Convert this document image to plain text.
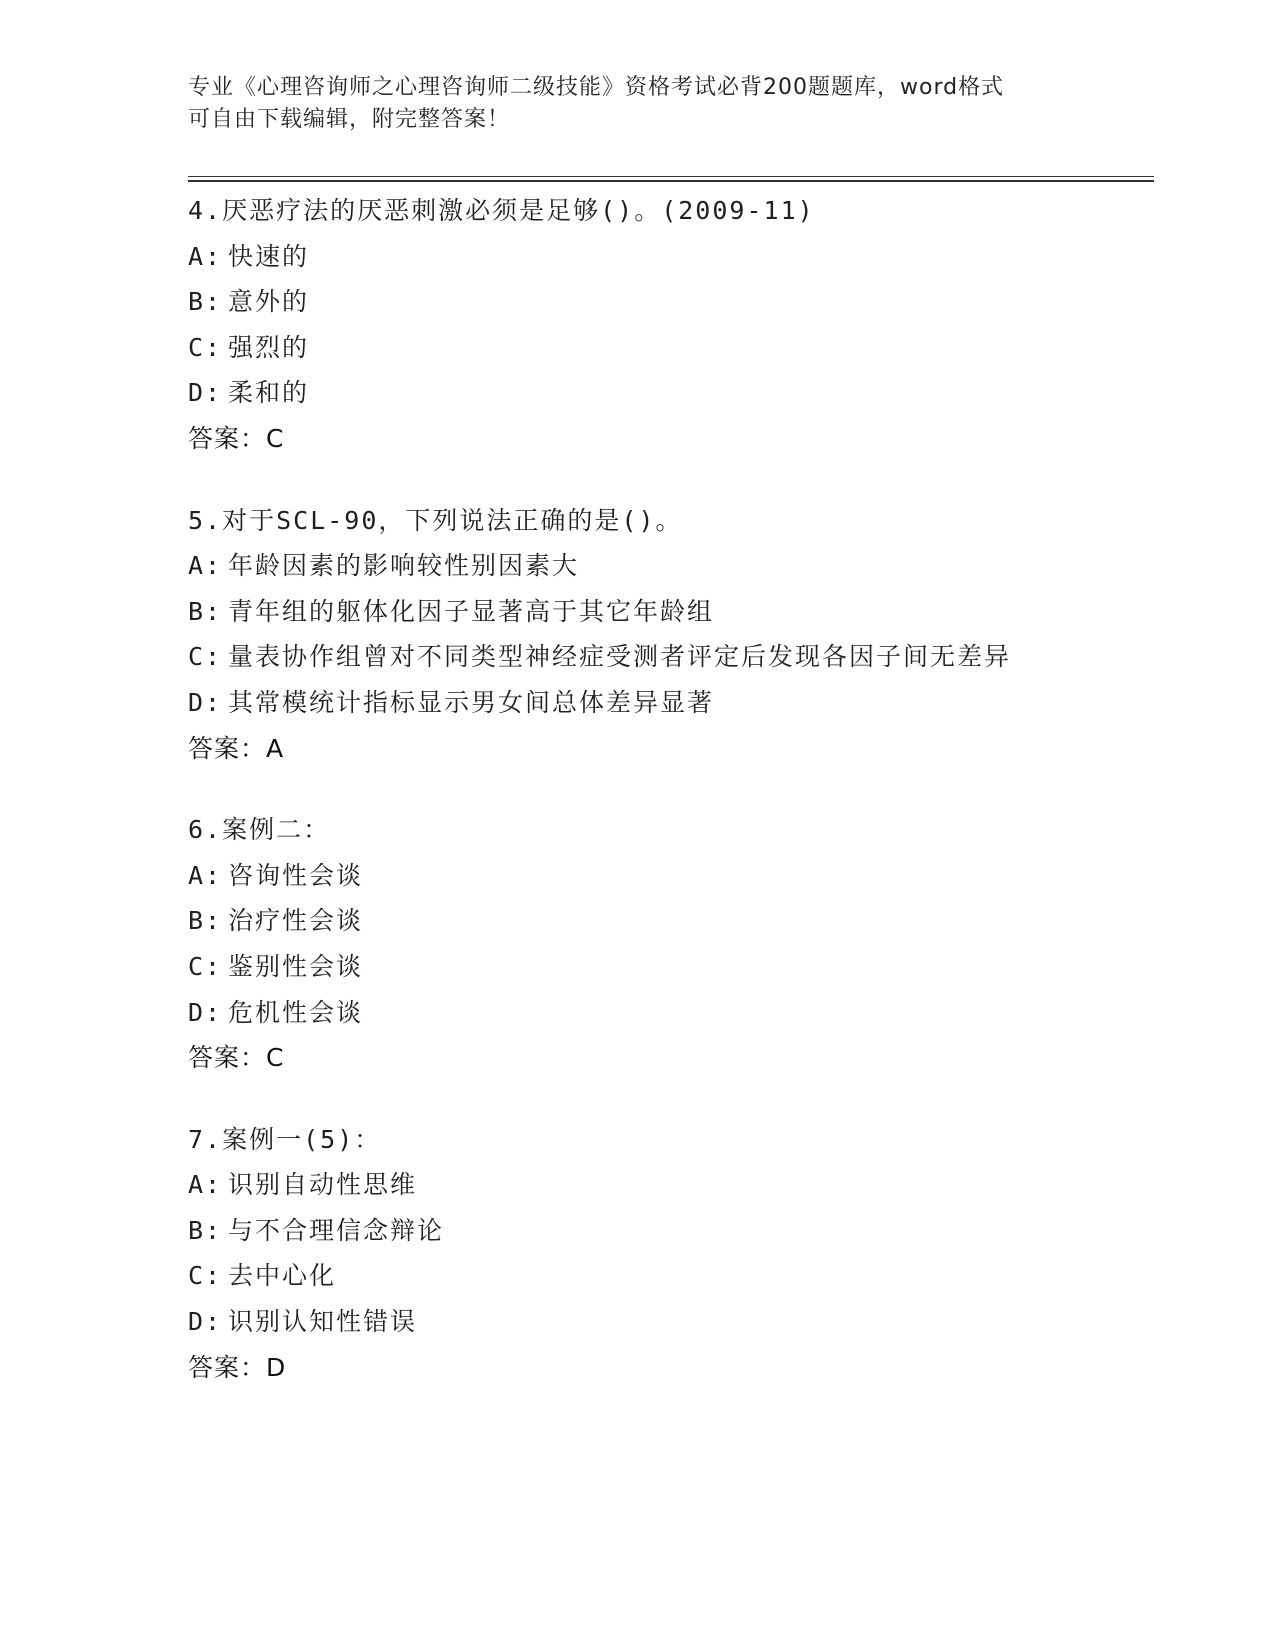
专业《心理咨询师之心理咨询师二级技能》资格考试必背200题题库，word格式
可自由下载编辑，附完整答案！
4.厌恶疗法的厌恶刺激必须是足够()。(2009-11)
A: 快速的
B: 意外的
C: 强烈的
D: 柔和的
答案：C
5.对于SCL-90，下列说法正确的是()。
A: 年龄因素的影响较性别因素大
B: 青年组的躯体化因子显著高于其它年龄组
C: 量表协作组曾对不同类型神经症受测者评定后发现各因子间无差异
D: 其常模统计指标显示男女间总体差异显著
答案：A
6.案例二：
A: 咨询性会谈
B: 治疗性会谈
C: 鉴别性会谈
D: 危机性会谈
答案：C
7.案例一(5)：
A: 识别自动性思维
B: 与不合理信念辩论
C: 去中心化
D: 识别认知性错误
答案：D
